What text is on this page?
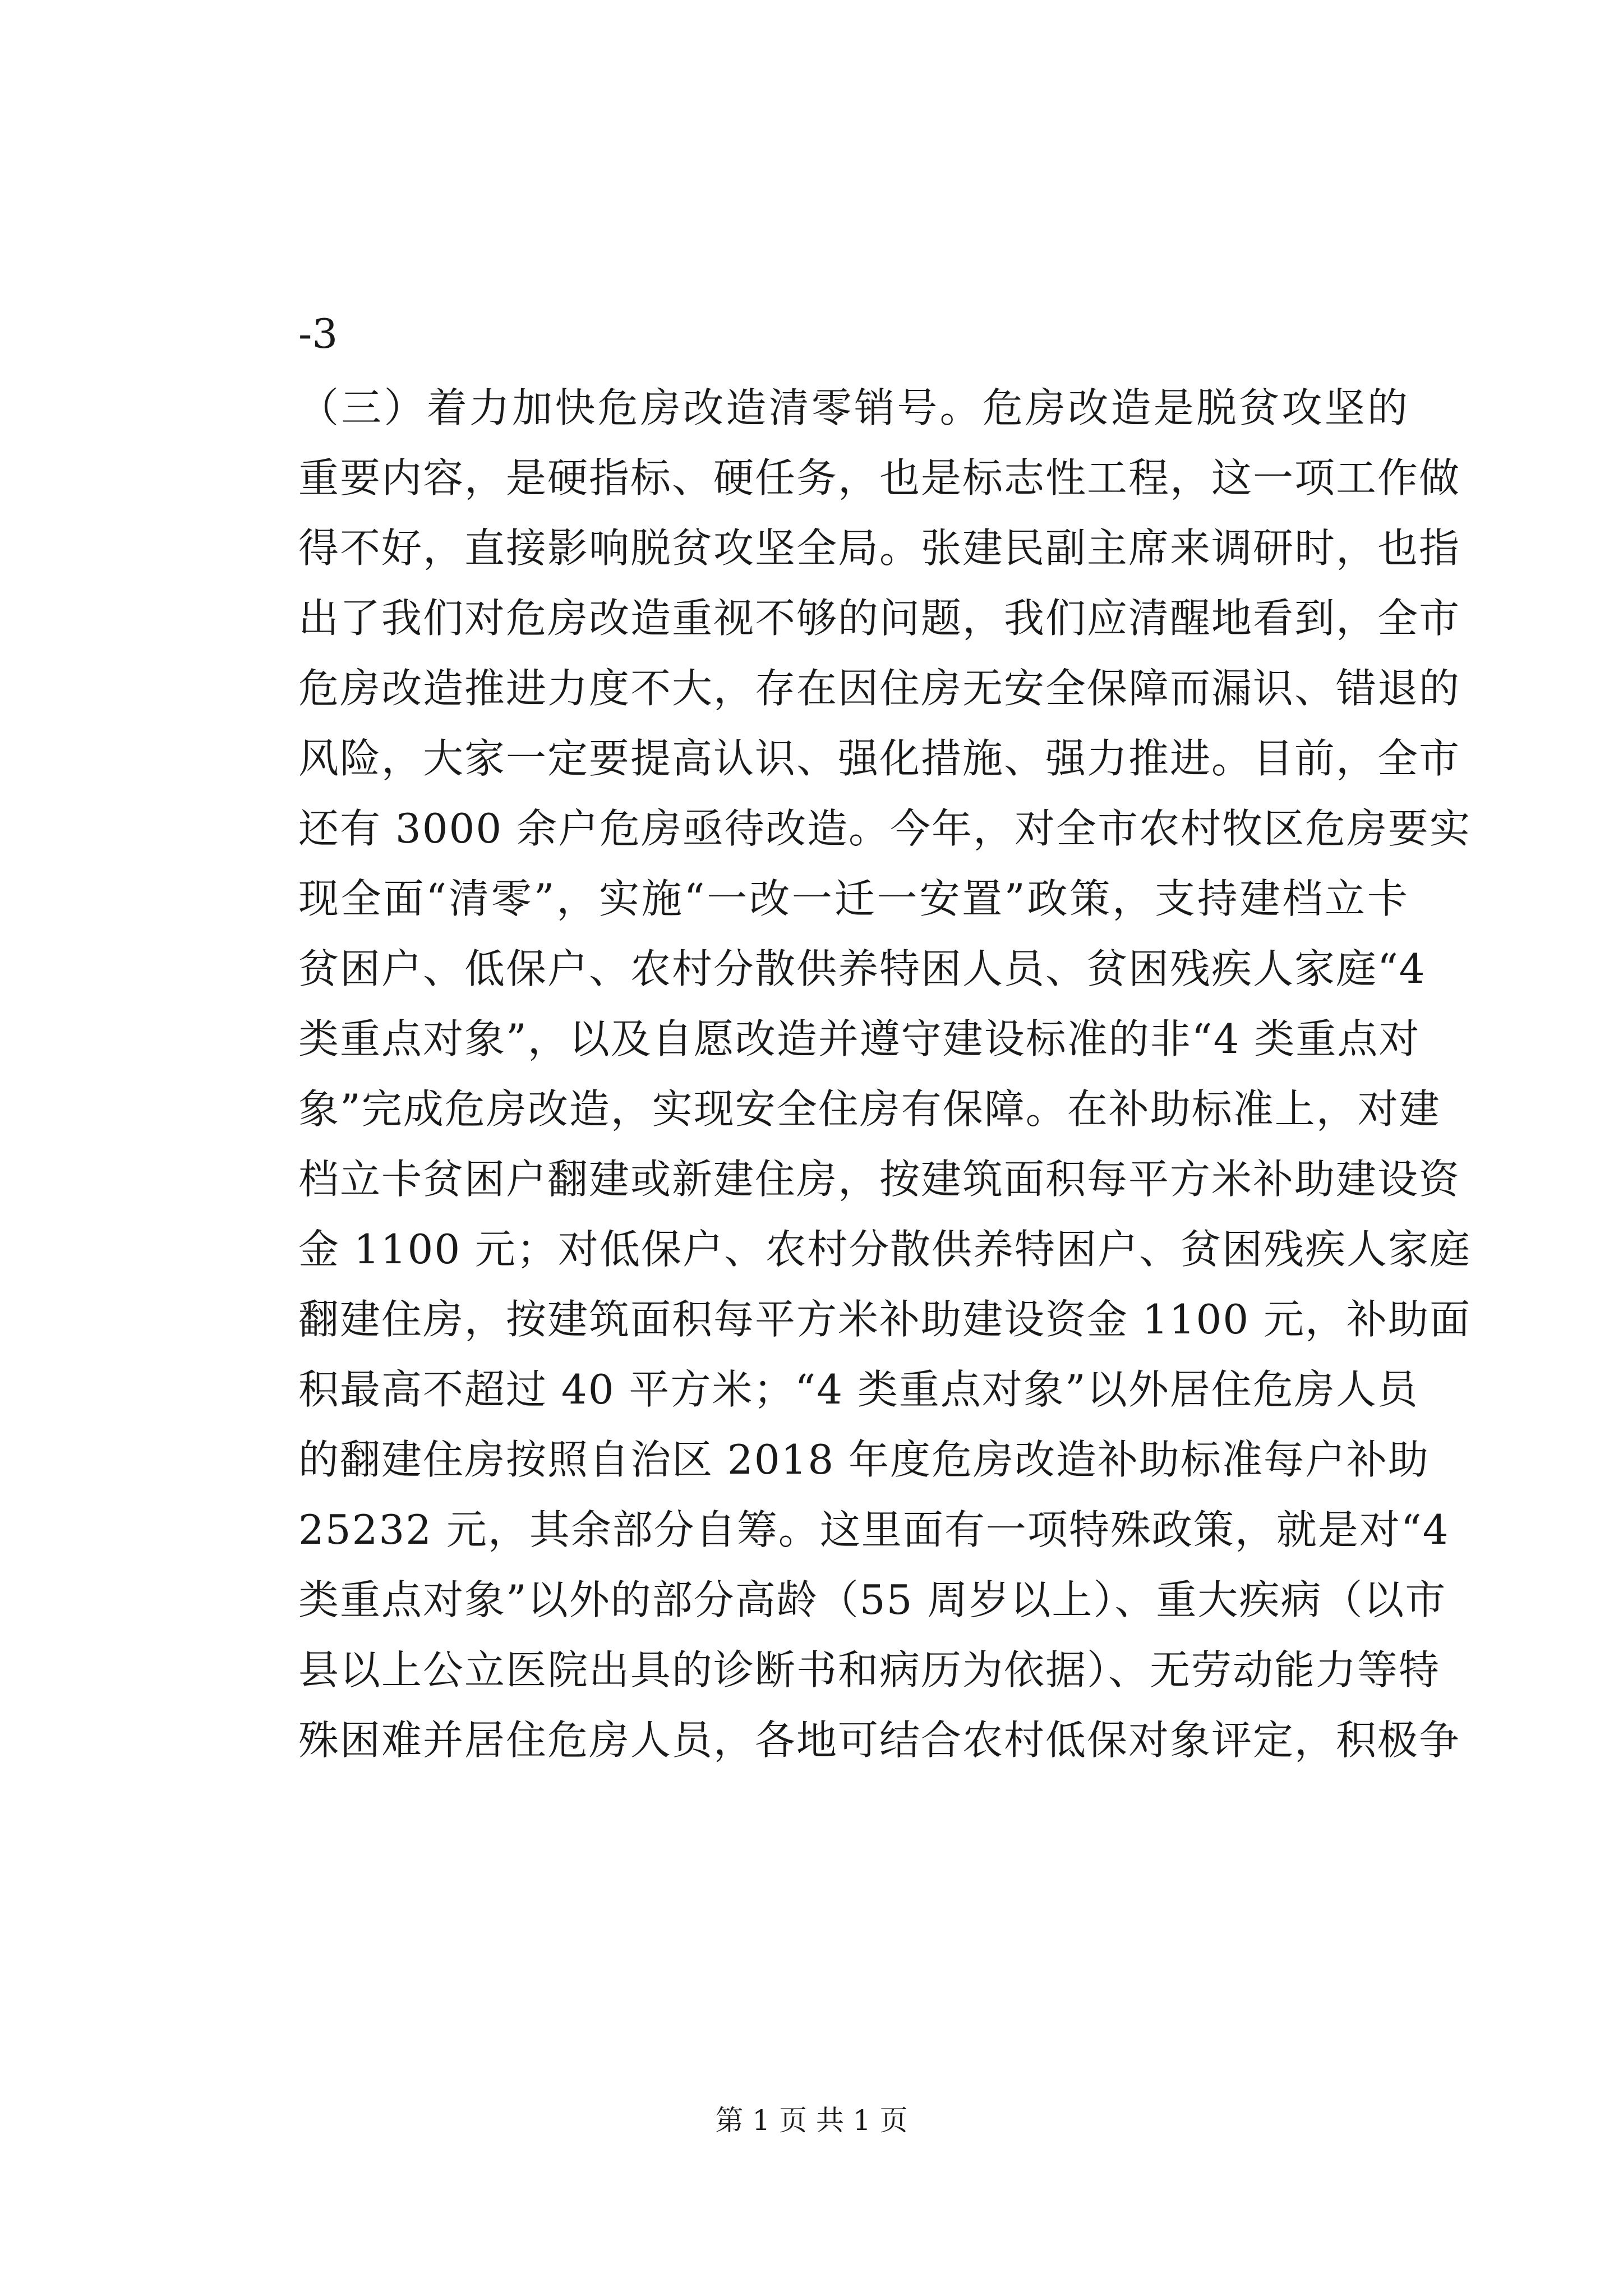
-3

（三）着力加快危房改造清零销号。危房改造是脱贫攻坚的
重要内容，是硬指标、硬任务，也是标志性工程，这一项工作做
得不好，直接影响脱贫攻坚全局。张建民副主席来调研时，也指
出了我们对危房改造重视不够的问题，我们应清醒地看到，全市
危房改造推进力度不大，存在因住房无安全保障而漏识、错退的
风险，大家一定要提高认识、强化措施、强力推进。目前，全市
还有 3000 余户危房亟待改造。今年，对全市农村牧区危房要实
现全面“清零”，实施“一改一迁一安置”政策，支持建档立卡
贫困户、低保户、农村分散供养特困人员、贫困残疾人家庭“4
类重点对象”，以及自愿改造并遵守建设标准的非“4 类重点对
象”完成危房改造，实现安全住房有保障。在补助标准上，对建
档立卡贫困户翻建或新建住房，按建筑面积每平方米补助建设资
金 1100 元；对低保户、农村分散供养特困户、贫困残疾人家庭
翻建住房，按建筑面积每平方米补助建设资金 1100 元，补助面
积最高不超过 40 平方米；“4 类重点对象”以外居住危房人员
的翻建住房按照自治区 2018 年度危房改造补助标准每户补助
25232 元，其余部分自筹。这里面有一项特殊政策，就是对“4
类重点对象”以外的部分高龄（55 周岁以上）、重大疾病（以市
县以上公立医院出具的诊断书和病历为依据）、无劳动能力等特
殊困难并居住危房人员，各地可结合农村低保对象评定，积极争

第 1 页 共 1 页
